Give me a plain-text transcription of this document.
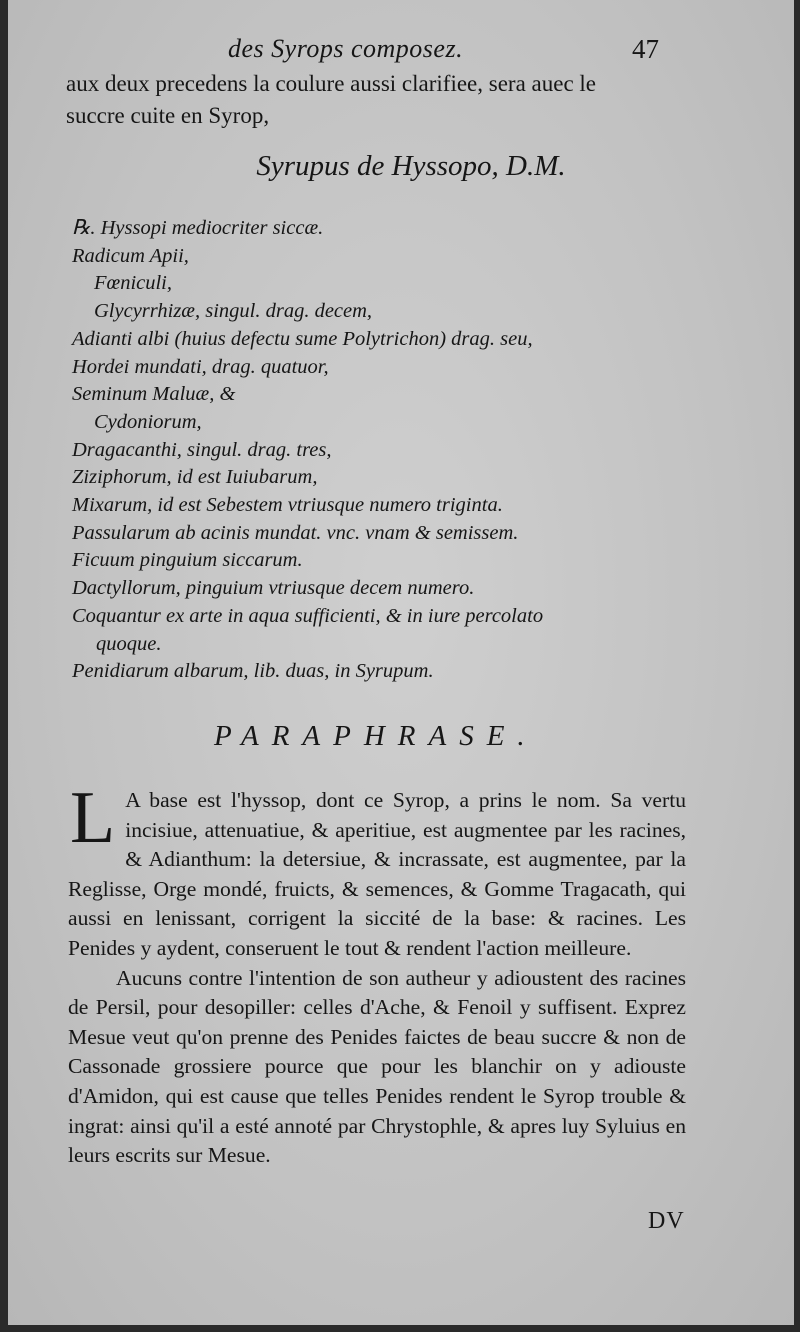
des Syrops composez.	47
aux deux precedens la coulure aussi clarifiee, sera auec le
succre cuite en Syrop,
Syrupus de Hyssopo, D.M.
℞. Hyssopi mediocriter siccæ.
Radicum Apii,
Fœniculi,
Glycyrrhizæ, singul. drag. decem,
Adianti albi (huius defectu sume Polytrichon) drag. seu,
Hordei mundati, drag. quatuor,
Seminum Maluæ, &
Cydoniorum,
Dragacanthi, singul. drag. tres,
Ziziphorum, id est Iuiubarum,
Mixarum, id est Sebestem vtriusque numero triginta.
Passularum ab acinis mundat. vnc. vnam & semissem.
Ficuum pinguium siccarum.
Dactyllorum, pinguium vtriusque decem numero.
Coquantur ex arte in aqua sufficienti, & in iure percolato
quoque.
Penidiarum albarum, lib. duas, in Syrupum.
PARAPHRASE.

L A base est l'hyssop, dont ce Syrop, a prins le nom. Sa vertu incisiue, attenuatiue, & aperitiue, est augmentee par les racines, & Adianthum: la detersiue, & incrassate, est augmentee, par la Reglisse, Orge mondé, fruicts, & semences, & Gomme Tragacath, qui aussi en lenissant, corrigent la siccité de la base: & racines. Les Penides y aydent, conseruent le tout & rendent l'action meilleure.

Aucuns contre l'intention de son autheur y adioustent des racines de Persil, pour desopiller: celles d'Ache, & Fenoil y suffisent. Exprez Mesue veut qu'on prenne des Penides faictes de beau succre & non de Cassonade grossiere pource que pour les blanchir on y adiouste d'Amidon, qui est cause que telles Penides rendent le Syrop trouble & ingrat: ainsi qu'il a esté annoté par Chrystophle, & apres luy Syluius en leurs escrits sur Mesue.

DV
